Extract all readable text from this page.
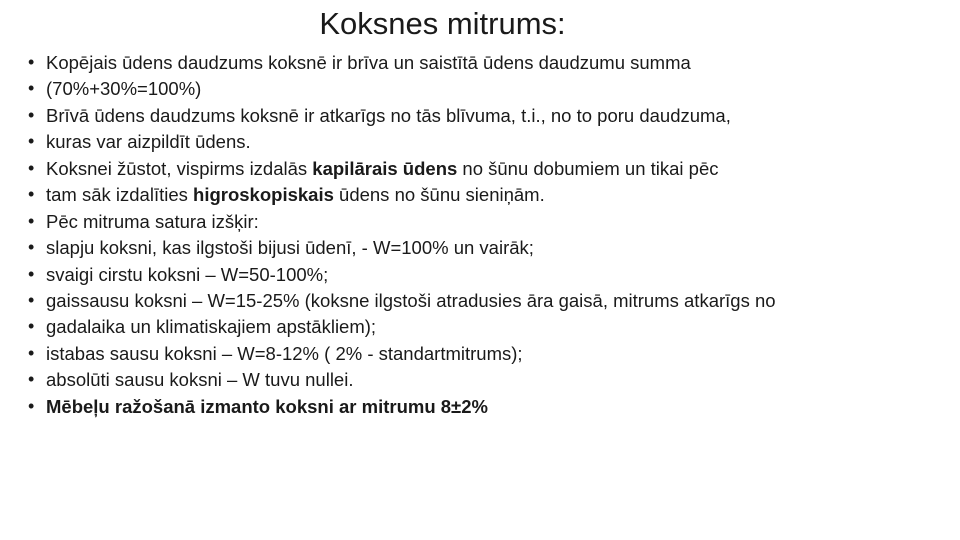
Koksnes mitrums:
• Kopējais ūdens daudzums koksnē ir brīva un saistītā ūdens daudzumu summa
• (70%+30%=100%)
• Brīvā ūdens daudzums koksnē ir atkarīgs no tās blīvuma, t.i., no to poru daudzuma,
• kuras var aizpildīt ūdens.
• Koksnei žūstot, vispirms izdalās kapilārais ūdens no šūnu dobumiem un tikai pēc
• tam sāk izdalīties higroskopiskais ūdens no šūnu sieniņām.
• Pēc mitruma satura izšķir:
• slapju koksni, kas ilgstoši bijusi ūdenī, - W=100% un vairāk;
• svaigi cirstu koksni – W=50-100%;
• gaissausu koksni – W=15-25% (koksne ilgstoši atradusies āra gaisā, mitrums atkarīgs no
• gadalaika un klimatiskajiem apstākliem);
• istabas sausu koksni – W=8-12% ( 2% - standartmitrums);
• absolūti sausu koksni – W tuvu nullei.
• Mēbeļu ražošanā izmanto koksni ar mitrumu 8±2%
